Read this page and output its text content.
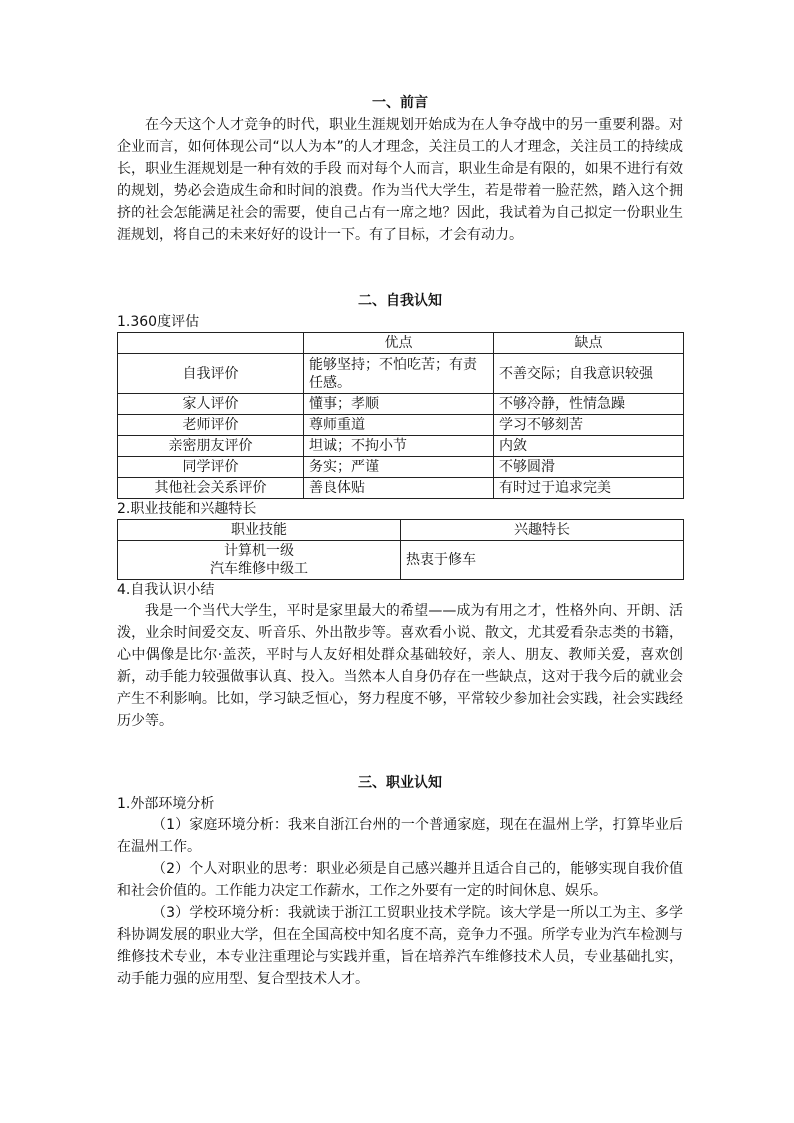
一、前言

在今天这个人才竞争的时代，职业生涯规划开始成为在人争夺战中的另一重要利器。对企业而言，如何体现公司“以人为本”的人才理念，关注员工的人才理念，关注员工的持续成长，职业生涯规划是一种有效的手段 而对每个人而言，职业生命是有限的，如果不进行有效的规划，势必会造成生命和时间的浪费。作为当代大学生，若是带着一脸茫然，踏入这个拥挤的社会怎能满足社会的需要，使自己占有一席之地？因此，我试着为自己拟定一份职业生涯规划，将自己的未来好好的设计一下。有了目标，才会有动力。

二、自我认知
1.360度评估
	优点	缺点
自我评价	能够坚持；不怕吃苦；有责任感。	不善交际；自我意识较强
家人评价	懂事；孝顺	不够冷静，性情急躁
老师评价	尊师重道	学习不够刻苦
亲密朋友评价	坦诚；不拘小节	内敛
同学评价	务实；严谨	不够圆滑
其他社会关系评价	善良体贴	有时过于追求完美
2.职业技能和兴趣特长
职业技能	兴趣特长

计算机一级
汽车维修中级工	热衷于修车
4.自我认识小结

我是一个当代大学生，平时是家里最大的希望——成为有用之才，性格外向、开朗、活泼，业余时间爱交友、听音乐、外出散步等。喜欢看小说、散文，尤其爱看杂志类的书籍，心中偶像是比尔·盖茨，平时与人友好相处群众基础较好，亲人、朋友、教师关爱，喜欢创新，动手能力较强做事认真、投入。当然本人自身仍存在一些缺点，这对于我今后的就业会产生不利影响。比如，学习缺乏恒心，努力程度不够，平常较少参加社会实践，社会实践经历少等。

三、职业认知
1.外部环境分析

（1）家庭环境分析：我来自浙江台州的一个普通家庭，现在在温州上学，打算毕业后在温州工作。

（2）个人对职业的思考：职业必须是自己感兴趣并且适合自己的，能够实现自我价值和社会价值的。工作能力决定工作薪水，工作之外要有一定的时间休息、娱乐。

（3）学校环境分析：我就读于浙江工贸职业技术学院。该大学是一所以工为主、多学科协调发展的职业大学，但在全国高校中知名度不高，竞争力不强。所学专业为汽车检测与维修技术专业，本专业注重理论与实践并重，旨在培养汽车维修技术人员，专业基础扎实，动手能力强的应用型、复合型技术人才。
